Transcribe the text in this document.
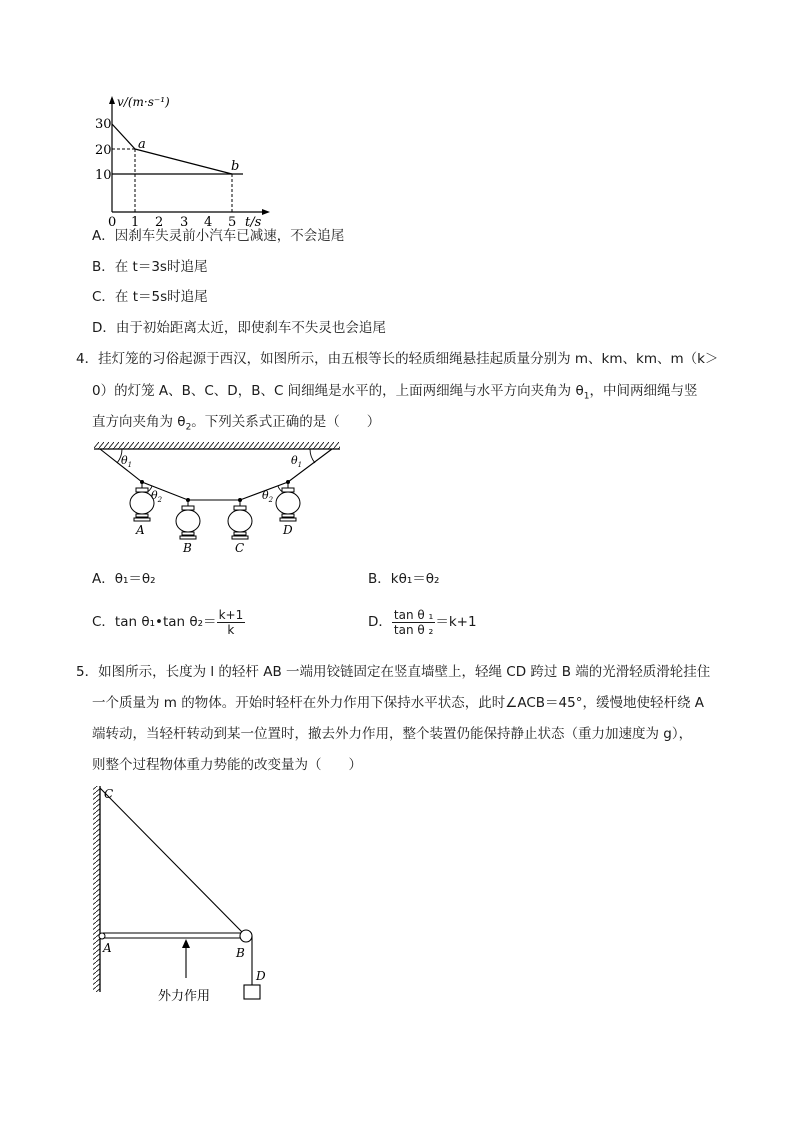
v/(m·s⁻¹)
30
20
10
0 1 2 3 4 5 t/s
a
b
A．因刹车失灵前小汽车已减速，不会追尾
B．在 t＝3s时追尾
C．在 t＝5s时追尾
D．由于初始距离太近，即使刹车不失灵也会追尾
4．挂灯笼的习俗起源于西汉，如图所示，由五根等长的轻质细绳悬挂起质量分别为 m、km、km、m（k＞
0）的灯笼 A、B、C、D，B、C 间细绳是水平的，上面两细绳与水平方向夹角为 $\theta_1$，中间两细绳与竖
直方向夹角为 $\theta_2$。下列关系式正确的是（　　）
$\theta_1$	$\theta_1$
$\theta_2$	$\theta_2$
A
B	C
D
A．θ₁＝θ₂	B．kθ₁＝θ₂
C．tan θ₁•tan $\theta_2= \frac{k+1}{k}$	D． $\frac{\text{tan θ ₁}}{\text{tan θ ₂}} =k+1$
5．如图所示，长度为 l 的轻杆 AB 一端用铰链固定在竖直墙壁上，轻绳 CD 跨过 B 端的光滑轻质滑轮挂住
一个质量为 m 的物体。开始时轻杆在外力作用下保持水平状态，此时∠ACB＝45°，缓慢地使轻杆绕 A
端转动，当轻杆转动到某一位置时，撤去外力作用，整个装置仍能保持静止状态（重力加速度为 g），
则整个过程物体重力势能的改变量为（　　）
C
A	B
D
外力作用
